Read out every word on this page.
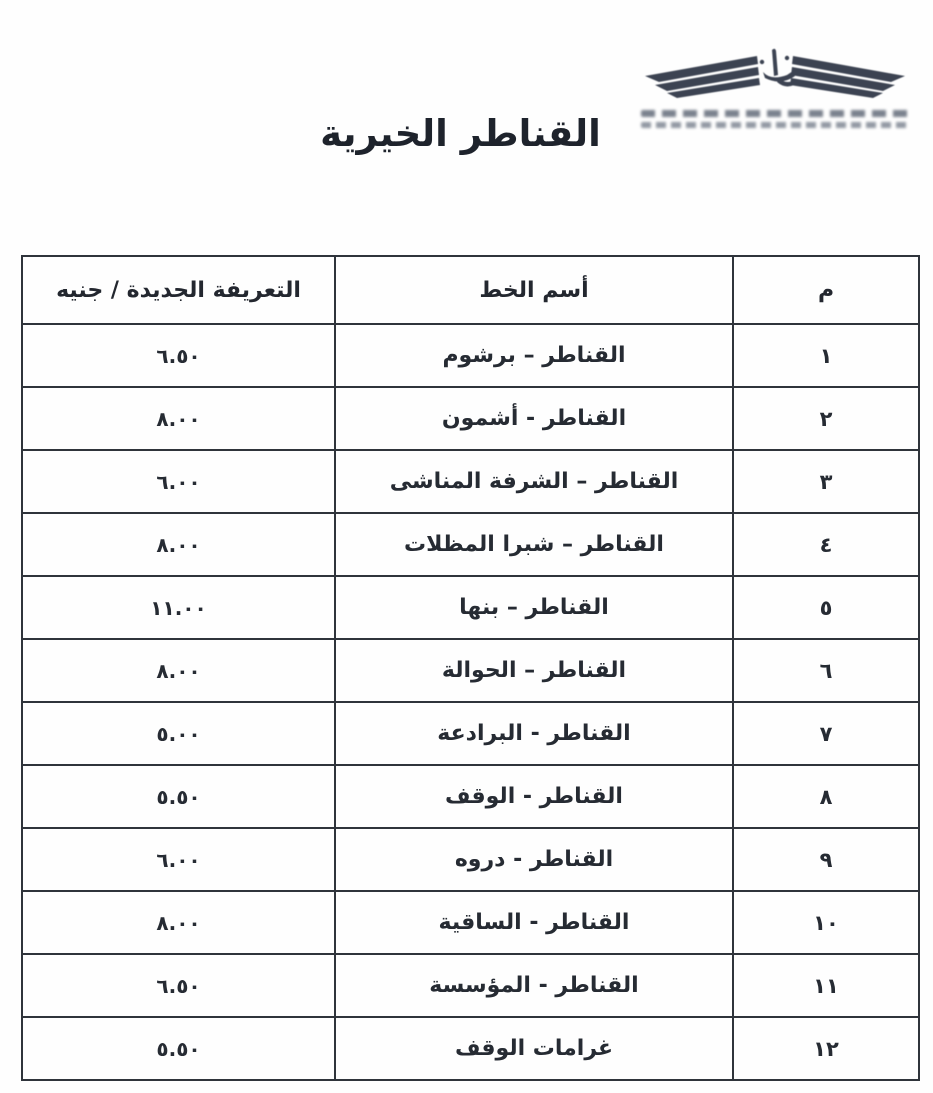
القناطر الخيرية
م	أسم الخط	التعريفة الجديدة / جنيه
١	القناطر – برشوم	٦.٥٠
٢	القناطر - أشمون	٨.٠٠
٣	القناطر – الشرفة المناشى	٦.٠٠
٤	القناطر – شبرا المظلات	٨.٠٠
٥	القناطر – بنها	١١.٠٠
٦	القناطر – الحوالة	٨.٠٠
٧	القناطر - البرادعة	٥.٠٠
٨	القناطر - الوقف	٥.٥٠
٩	القناطر - دروه	٦.٠٠
١٠	القناطر - الساقية	٨.٠٠
١١	القناطر - المؤسسة	٦.٥٠
١٢	غرامات الوقف	٥.٥٠
